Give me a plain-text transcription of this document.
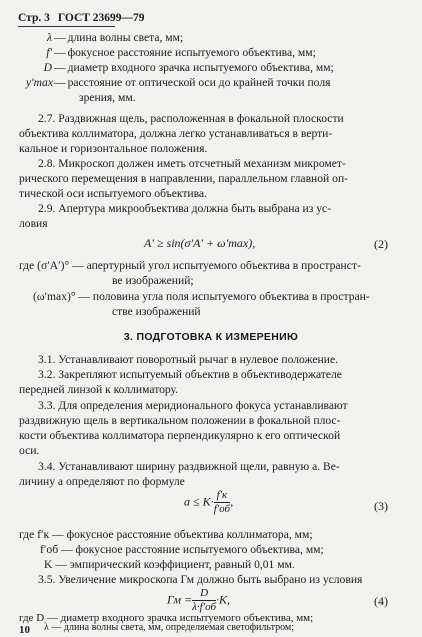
Стр. 3 ГОСТ 23699—79
λ — длина волны света, мм;
f′ — фокусное расстояние испытуемого объектива, мм;
D — диаметр входного зрачка испытуемого объектива, мм;
y′max— расстояние от оптической оси до крайней точки поля
зрения, мм.
2.7. Раздвижная щель, расположенная в фокальной плоскости
объектива коллиматора, должна легко устанавливаться в верти-
кальное и горизонтальное положения.
2.8. Микроскоп должен иметь отсчетный механизм микромет-
рического перемещения в направлении, параллельном главной оп-
тической оси испытуемого объектива.
2.9. Апертура микрообъектива должна быть выбрана из ус-
ловия
A′ ≥ sin(σ′A′ + ω′max),	(2)
где (σ′A′)° — апертурный угол испытуемого объектива в пространст-
ве изображений;
(ω′max)° — половина угла поля испытуемого объектива в простран-
стве изображений
3. ПОДГОТОВКА К ИЗМЕРЕНИЮ
3.1. Устанавливают поворотный рычаг в нулевое положение.
3.2. Закрепляют испытуемый объектив в объективодержателе
передней линзой к коллиматору.
3.3. Для определения меридионального фокуса устанавливают
раздвижную щель в вертикальном положении в фокальной плос-
кости объектива коллиматора перпендикулярно к его оптической
оси.
3.4. Устанавливают ширину раздвижной щели, равную a. Ве-
личину a определяют по формуле
$a \le K\cdot \frac{f'к}{f'об}$ ,	(3)
где f′к — фокусное расстояние объектива коллиматора, мм;
f′об — фокусное расстояние испытуемого объектива, мм;
K — эмпирический коэффициент, равный 0,01 мм.
3.5. Увеличение микроскопа Гм должно быть выбрано из условия
Гм = $\frac{D}{\lambda\cdot f'об} \cdot K$,	(4)
где D — диаметр входного зрачка испытуемого объектива, мм;
λ — длина волны света, мм, определяемая светофильтром;
10
